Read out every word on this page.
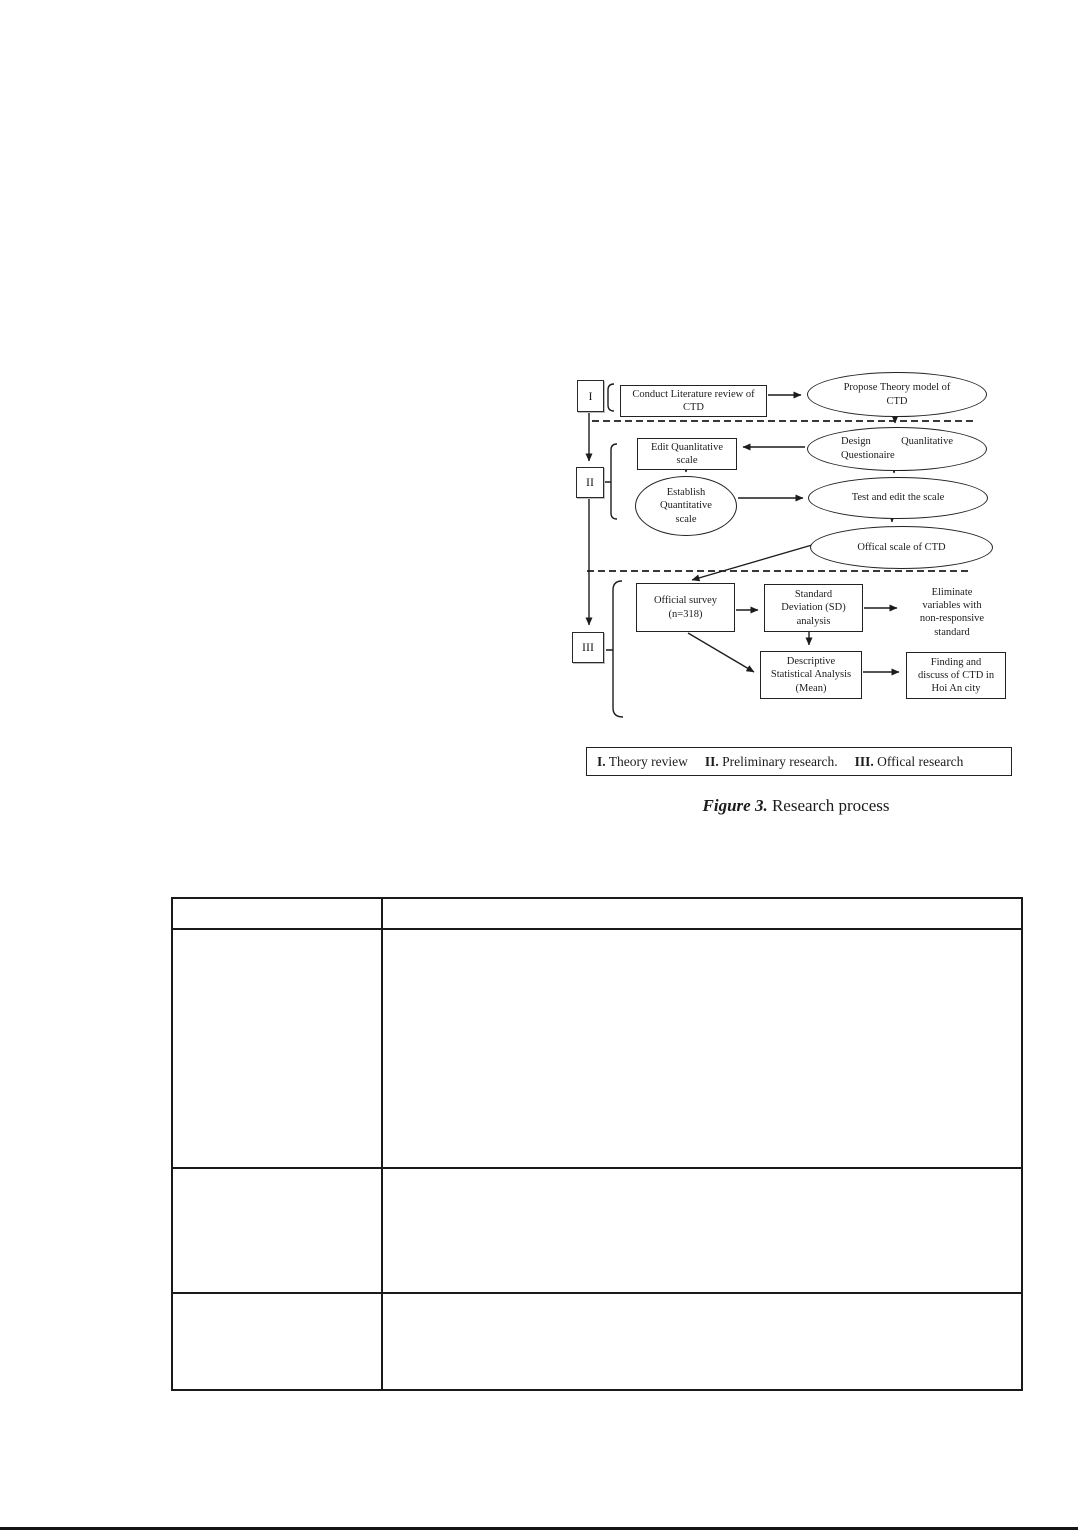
I
II
III
Conduct Literature review of
CTD
Propose Theory model of
CTD
Design	Quanlitative
Questionaire
Edit Quanlitative
scale
Establish
Quantitative
scale
Test and edit the scale
Offical scale of CTD
Official survey
(n=318)
Standard
Deviation (SD)
analysis
Eliminate
variables with
non-responsive
standard
Descriptive
Statistical Analysis
(Mean)
Finding and
discuss of CTD in
Hoi An city
I. Theory review II. Preliminary research. III. Offical research
Figure 3. Research process
